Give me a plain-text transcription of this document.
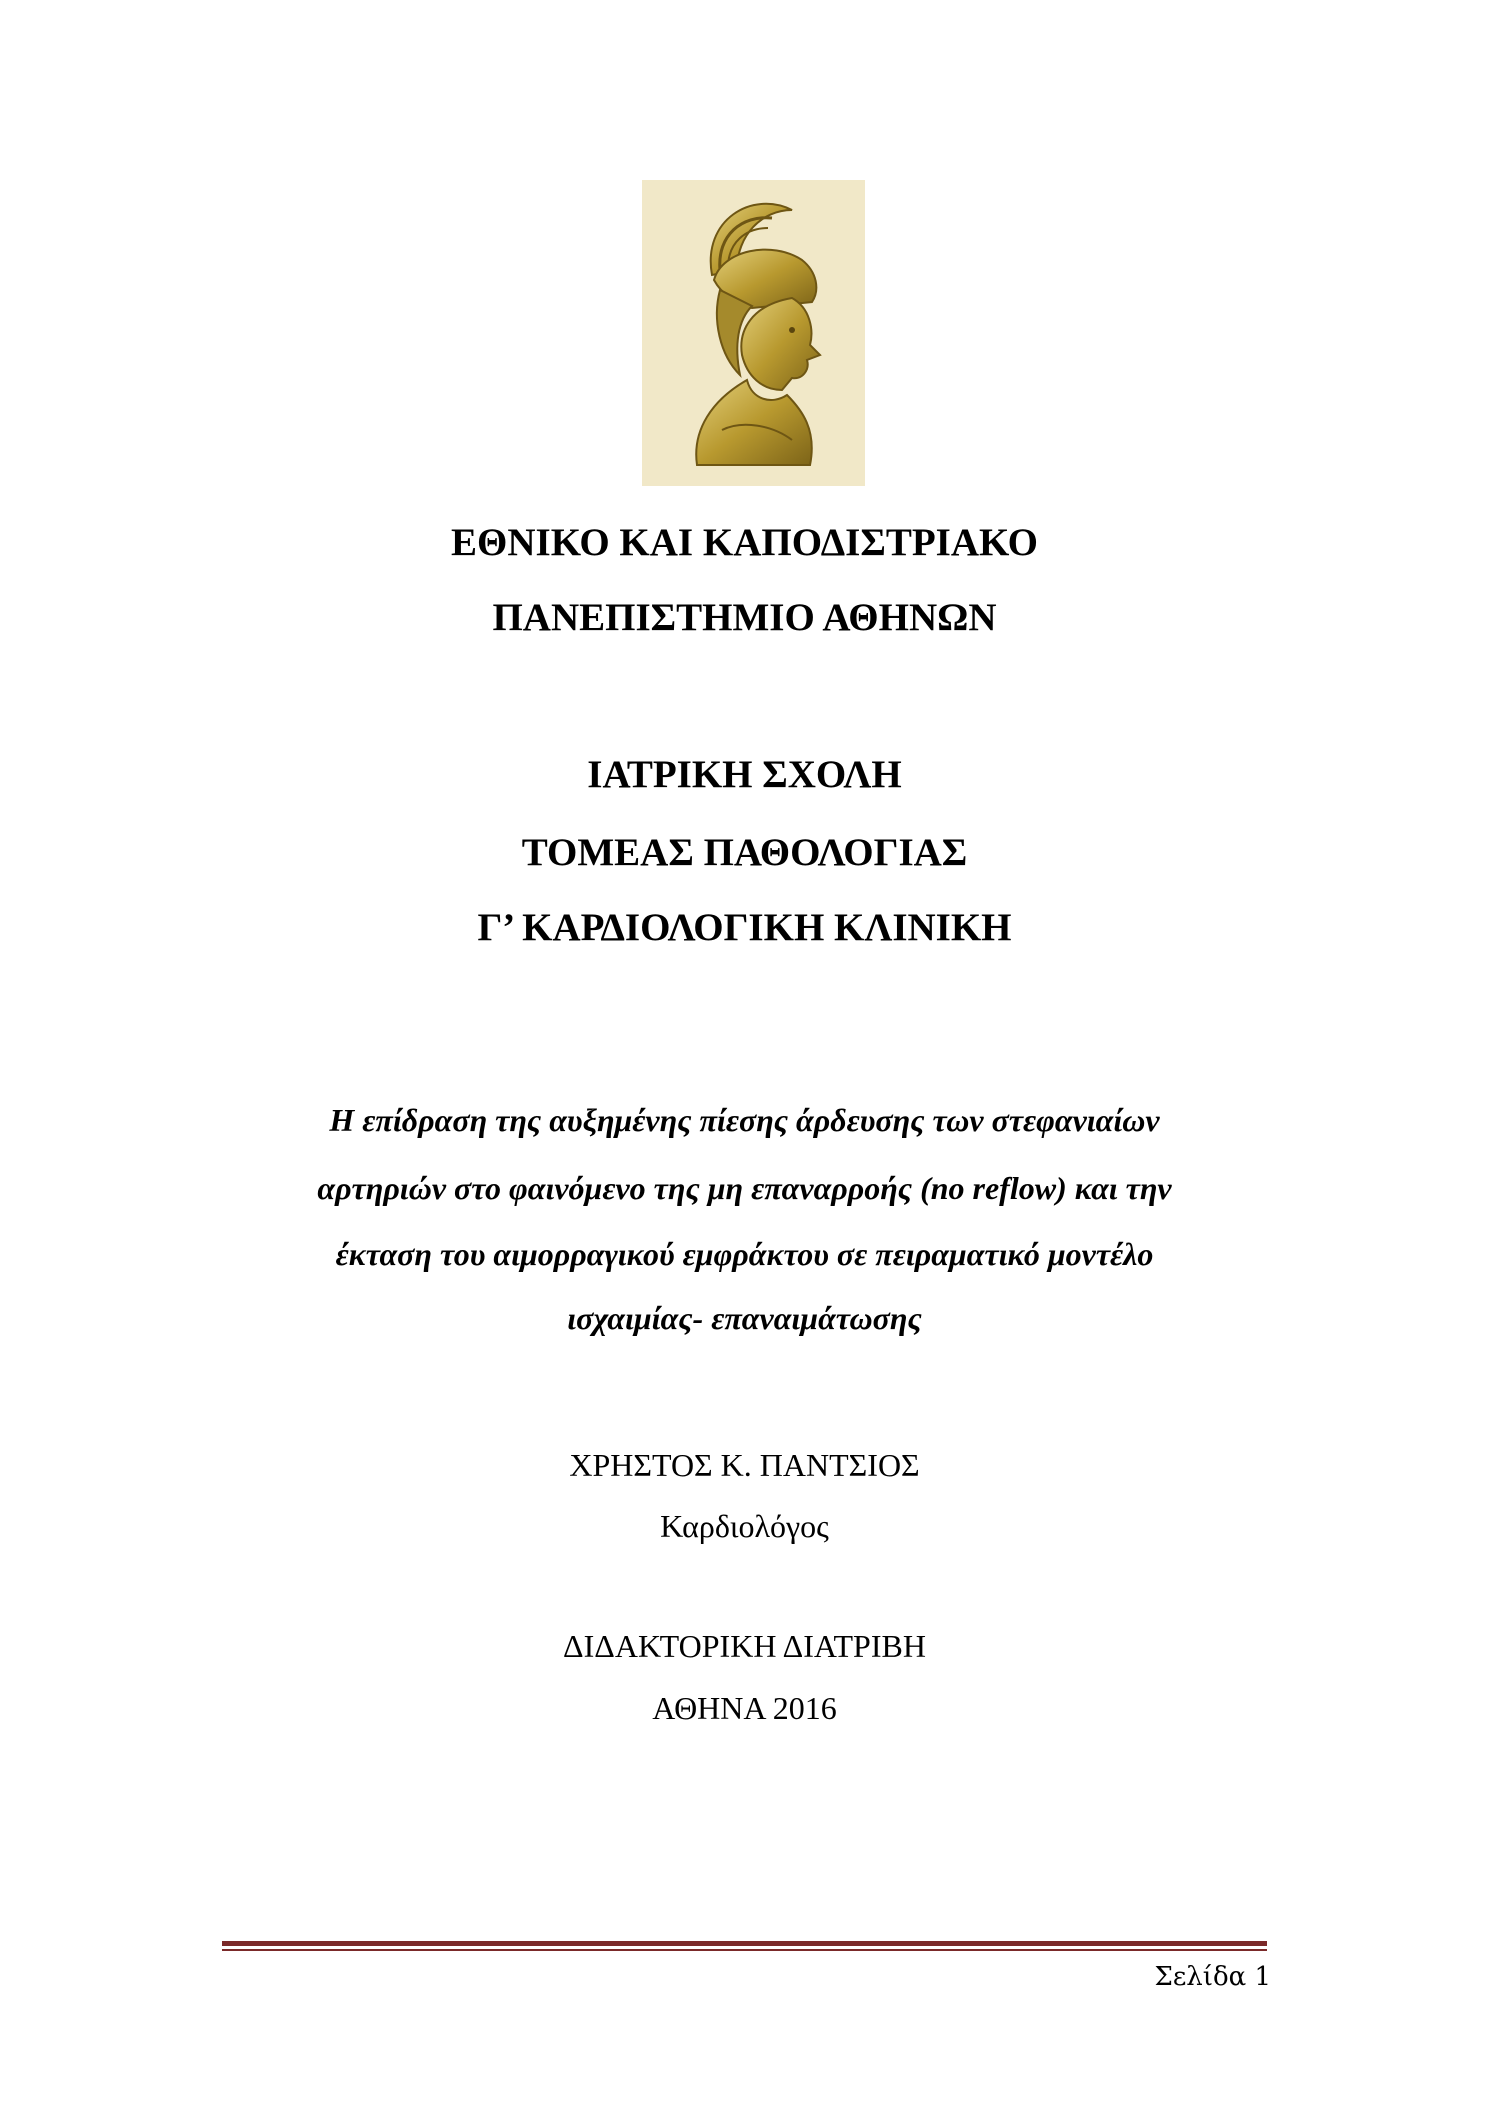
ΕΘΝΙΚΟ ΚΑΙ ΚΑΠΟΔΙΣΤΡΙΑΚΟ
ΠΑΝΕΠΙΣΤΗΜΙΟ ΑΘΗΝΩΝ
ΙΑΤΡΙΚΗ ΣΧΟΛΗ
ΤΟΜΕΑΣ ΠΑΘΟΛΟΓΙΑΣ
Γ’ ΚΑΡΔΙΟΛΟΓΙΚΗ ΚΛΙΝΙΚΗ
Η επίδραση της αυξημένης πίεσης άρδευσης των στεφανιαίων
αρτηριών στο φαινόμενο της μη επαναρροής (no reflow) και την
έκταση του αιμορραγικού εμφράκτου σε πειραματικό μοντέλο
ισχαιμίας- επαναιμάτωσης
ΧΡΗΣΤΟΣ Κ. ΠΑΝΤΣΙΟΣ
Καρδιολόγος
ΔΙΔΑΚΤΟΡΙΚΗ ΔΙΑΤΡΙΒΗ
ΑΘΗΝΑ 2016
Σελίδα 1
